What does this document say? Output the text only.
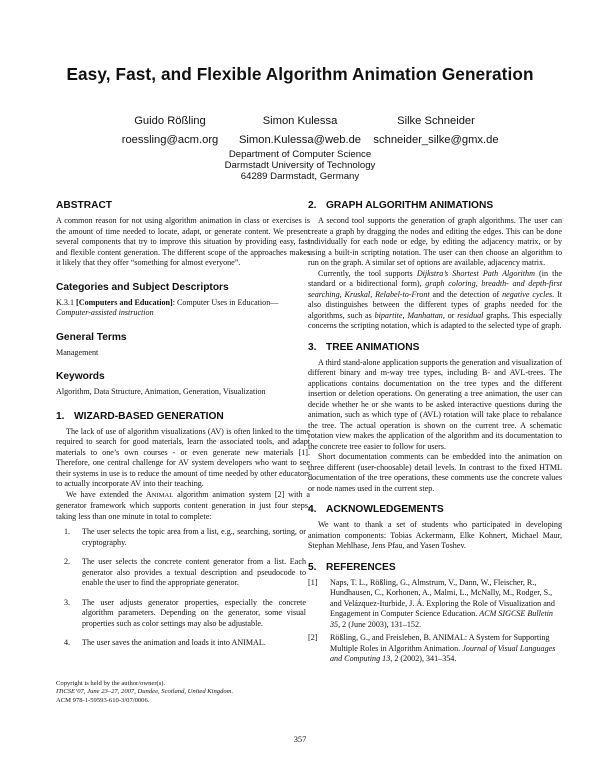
Easy, Fast, and Flexible Algorithm Animation Generation
Guido Rößling
roessling@acm.org
Simon Kulessa
Simon.Kulessa@web.de
Silke Schneider
schneider_silke@gmx.de
Department of Computer Science
Darmstadt University of Technology
64289 Darmstadt, Germany
ABSTRACT

A common reason for not using algorithm animation in class or exercises is the amount of time needed to locate, adapt, or generate content. We present several components that try to improve this situation by providing easy, fast and flexible content generation. The different scope of the approaches makes it likely that they offer “something for almost everyone”.

Categories and Subject Descriptors

K.3.1 [Computers and Education]: Computer Uses in Education—Computer-assisted instruction

General Terms

Management

Keywords

Algorithm, Data Structure, Animation, Generation, Visualization

1. WIZARD-BASED GENERATION

The lack of use of algorithm visualizations (AV) is often linked to the time required to search for good materials, learn the associated tools, and adapt materials to one’s own courses - or even generate new materials [1]. Therefore, one central challenge for AV system developers who want to see their systems in use is to reduce the amount of time needed by other educators to actually incorporate AV into their teaching.

We have extended the ANIMAL algorithm animation system [2] with a generator framework which supports content generation in just four steps, taking less than one minute in total to complete:

1.	The user selects the topic area from a list, e.g., searching, sorting, or cryptography.
2.	The user selects the concrete content generator from a list. Each generator also provides a textual description and pseudocode to enable the user to find the appropriate generator.
3.	The user adjusts generator properties, especially the concrete algorithm parameters. Depending on the generator, some visual properties such as color settings may also be adjustable.
4.	The user saves the animation and loads it into ANIMAL.
Copyright is held by the author/owner(s).
ITiCSE’07, June 23–27, 2007, Dundee, Scotland, United Kingdom.
ACM 978-1-59593-610-3/07/0006.
2. GRAPH ALGORITHM ANIMATIONS

A second tool supports the generation of graph algorithms. The user can create a graph by dragging the nodes and editing the edges. This can be done individually for each node or edge, by editing the adjacency matrix, or by using a built-in scripting notation. The user can then choose an algorithm to run on the graph. A similar set of options are available, adjacency matrix.

Currently, the tool supports Dijkstra’s Shortest Path Algorithm (in the standard or a bidirectional form), graph coloring, breadth- and depth-first searching, Kruskal, Relabel-to-Front and the detection of negative cycles. It also distinguishes between the different types of graphs needed for the algorithms, such as bipartite, Manhattan, or residual graphs. This especially concerns the scripting notation, which is adapted to the selected type of graph.

3. TREE ANIMATIONS

A third stand-alone application supports the generation and visualization of different binary and m-way tree types, including B- and AVL-trees. The applications contains documentation on the tree types and the different insertion or deletion operations. On generating a tree animation, the user can decide whether he or she wants to be asked interactive questions during the animation, such as which type of (AVL) rotation will take place to rebalance the tree. The actual operation is shown on the current tree. A schematic rotation view makes the application of the algorithm and its documentation to the concrete tree easier to follow for users.

Short documentation comments can be embedded into the animation on three different (user-choosable) detail levels. In contrast to the fixed HTML documentation of the tree operations, these comments use the concrete values or node names used in the current step.

4. ACKNOWLEDGEMENTS

We want to thank a set of students who participated in developing animation components: Tobias Ackermann, Elke Kohnert, Michael Maur, Stephan Mehlhase, Jens Pfau, and Yasen Toshev.

5. REFERENCES
[1]	Naps, T. L., Rößling, G., Almstrum, V., Dann, W., Fleischer, R., Hundhausen, C., Korhonen, A., Malmi, L., McNally, M., Rodger, S., and Velázquez-Iturbide, J. Á. Exploring the Role of Visualization and Engagement in Computer Science Education. ACM SIGCSE Bulletin 35, 2 (June 2003), 131–152.
[2]	Rößling, G., and Freisleben, B. ANIMAL: A System for Supporting Multiple Roles in Algorithm Animation. Journal of Visual Languages and Computing 13, 2 (2002), 341–354.
357
